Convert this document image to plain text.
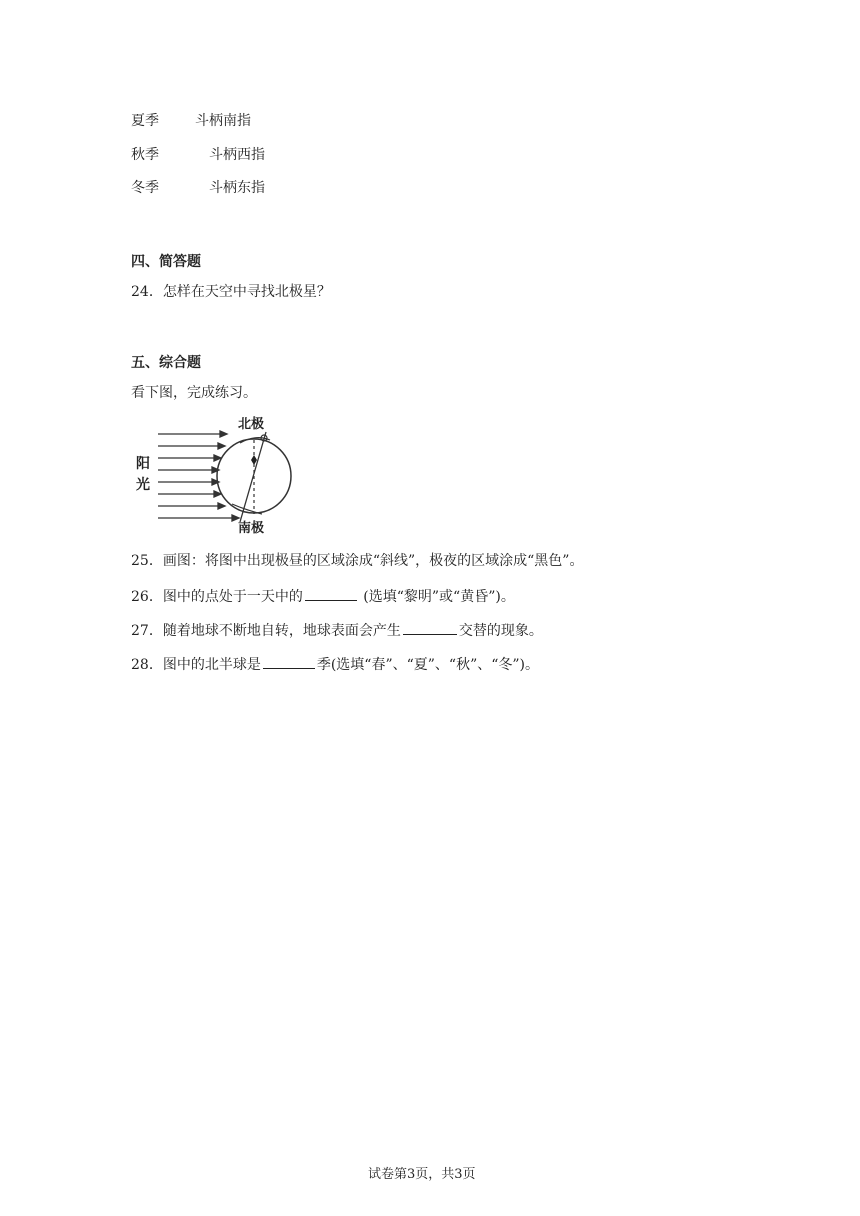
夏季	斗柄南指
秋季	斗柄西指
冬季	斗柄东指
四、简答题
24．怎样在天空中寻找北极星？
五、综合题
看下图，完成练习。
北极
南极
阳
光
25．画图：将图中出现极昼的区域涂成“斜线”，极夜的区域涂成“黑色”。
26．图中的点处于一天中的	(选填“黎明”或“黄昏”)。
27．随着地球不断地自转，地球表面会产生	交替的现象。
28．图中的北半球是	季(选填“春”、“夏”、“秋”、“冬”)。
试卷第3页，共3页
